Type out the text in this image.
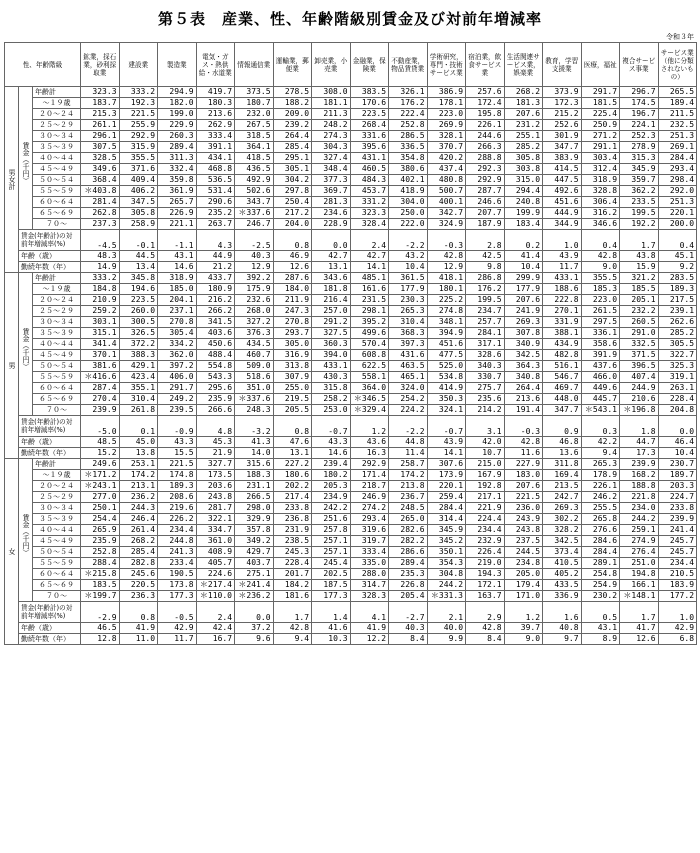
第５表　産業、性、年齢階級別賃金及び対前年増減率
令和３年
性、年齢階級			鉱業，採石業，砂利採取業	建設業	製造業	電気・ガス・熱供給・水道業	情報通信業	運輸業，郵便業	卸売業，小売業	金融業，保険業	不動産業，物品賃貸業	学術研究，専門・技術サービス業	宿泊業，飲食サービス業	生活関連サービス業，娯楽業	教育，学習支援業	医療，福祉	複合サービス事業	サービス業（他に分類されないもの）
男女計		年齢計	323.3	333.2	294.9	419.7	373.5	278.5	308.0	383.5	326.1	386.9	257.6	268.2	373.9	291.7	296.7	265.5
	賃金（千円）	～１９歳	183.7	192.3	182.0	180.3	180.7	188.2	181.1	170.6	176.2	178.1	172.4	181.3	172.3	181.5	174.5	189.4
		２０～２４	215.3	221.5	199.0	213.6	232.0	209.0	211.3	223.5	222.4	223.0	195.8	207.6	215.2	225.4	196.7	211.5
		２５～２９	261.1	255.9	229.9	262.9	267.5	239.2	248.2	268.4	252.8	269.9	226.1	231.2	252.6	250.9	224.1	232.5
		３０～３４	296.1	292.9	260.3	333.4	318.5	264.4	274.3	331.6	286.5	328.1	244.6	255.1	301.9	271.2	252.3	251.3
		３５～３９	307.5	315.9	289.4	391.1	364.1	285.4	304.3	395.6	336.5	370.7	266.3	285.2	347.7	291.1	278.9	269.1
		４０～４４	328.5	355.5	311.3	434.1	418.5	295.1	327.4	431.1	354.8	420.2	288.8	305.8	383.9	303.4	315.3	284.4
		４５～４９	349.6	371.6	332.4	468.8	436.5	305.1	348.4	460.5	380.6	437.4	292.3	303.8	414.5	312.4	345.9	293.4
		５０～５４	368.4	409.4	359.8	536.5	492.9	304.2	377.3	484.3	402.1	480.8	292.9	315.0	447.5	318.9	359.7	298.4
		５５～５９	＊403.8	406.2	361.9	531.4	502.6	297.8	369.7	453.7	418.9	500.7	287.7	294.4	492.6	328.8	362.2	292.0
		６０～６４	281.4	347.5	265.7	290.6	343.7	250.4	281.3	331.2	304.0	400.1	246.6	240.8	451.6	306.4	233.5	251.3
		６５～６９	262.8	305.8	226.9	235.2	＊337.6	217.2	234.6	323.3	250.0	342.7	207.7	199.9	444.9	316.2	199.5	220.1
		７０～	237.3	258.9	221.1	263.7	246.7	204.0	228.9	328.4	222.0	324.9	187.9	183.4	344.9	346.6	192.2	200.0
	賃金(年齢計)の対前年増減率(%)		-4.5	-0.1	-1.1	4.3	-2.5	0.8	0.0	2.4	-2.2	-0.3	2.8	0.2	1.0	0.4	1.7	0.4
	年齢（歳）		48.3	44.5	43.1	44.9	40.3	46.9	42.7	42.7	43.2	42.8	42.5	41.4	43.9	42.8	43.8	45.1
	勤続年数（年）		14.9	13.4	14.6	21.2	12.9	12.6	13.1	14.1	10.4	12.9	9.8	10.4	11.7	9.0	15.9	9.2
男		年齢計	333.2	345.8	318.9	433.7	392.2	287.6	343.6	485.1	361.5	418.1	286.8	299.9	433.1	355.5	321.2	283.5
	賃金（千円）	～１９歳	184.8	194.6	185.0	180.9	175.9	184.0	181.8	161.6	177.9	180.1	176.2	177.9	188.6	185.3	185.5	189.3
		２０～２４	210.9	223.5	204.1	216.2	232.6	211.9	216.4	231.5	230.3	225.2	199.5	207.6	222.8	223.0	205.1	217.5
		２５～２９	259.2	260.0	237.1	266.2	268.0	247.3	257.0	298.1	265.3	274.8	234.7	241.9	270.1	261.5	232.2	239.1
		３０～３４	303.1	300.5	270.8	341.5	327.2	270.8	291.2	395.2	310.4	348.1	257.7	269.3	331.9	297.5	260.5	262.6
		３５～３９	315.1	326.5	305.4	403.6	376.3	293.7	327.5	499.6	368.3	394.9	284.1	307.8	388.1	336.1	291.0	285.2
		４０～４４	341.4	372.2	334.2	450.6	434.5	305.0	360.3	570.4	397.3	451.6	317.1	340.9	434.9	358.6	332.5	305.5
		４５～４９	370.1	388.3	362.0	488.4	460.7	316.9	394.0	608.8	431.6	477.5	328.6	342.5	482.8	391.9	371.5	322.7
		５０～５４	381.6	429.1	397.2	554.8	509.0	313.8	433.1	622.5	463.5	525.0	340.3	364.3	516.1	437.6	396.5	325.3
		５５～５９	＊416.6	423.4	406.0	543.3	518.6	307.9	430.3	558.1	465.1	534.8	330.7	340.8	546.7	466.0	407.4	319.1
		６０～６４	287.4	355.1	291.7	295.6	351.0	255.0	315.8	364.0	324.0	414.9	275.7	264.4	469.7	449.6	244.9	263.1
		６５～６９	270.4	310.4	249.2	235.9	＊337.6	219.5	258.2	＊346.5	254.2	350.3	235.6	213.6	448.0	445.7	210.6	228.4
		７０～	239.9	261.8	239.5	266.6	248.3	205.5	253.0	＊329.4	224.2	324.1	214.2	191.4	347.7	＊543.1	＊196.8	204.8
	賃金(年齢計)の対前年増減率(%)		-5.0	0.1	-0.9	4.8	-3.2	0.8	-0.7	1.2	-2.2	-0.7	3.1	-0.3	0.9	0.3	1.8	0.0
	年齢（歳）		48.5	45.0	43.3	45.3	41.3	47.6	43.3	43.6	44.8	43.9	42.0	42.8	46.8	42.2	44.7	46.4
	勤続年数（年）		15.2	13.8	15.5	21.9	14.0	13.1	14.6	16.3	11.4	14.1	10.7	11.6	13.6	9.4	17.3	10.4
女		年齢計	249.6	253.1	221.5	327.7	315.6	227.2	239.4	292.9	258.7	307.6	215.0	227.9	311.8	265.3	239.9	230.7
	賃金（千円）	～１９歳	＊171.2	174.2	174.8	173.5	188.3	180.6	180.2	171.4	174.2	173.9	167.9	183.0	169.4	178.9	168.2	189.7
		２０～２４	＊243.1	213.1	189.3	203.6	231.1	202.2	205.3	218.7	213.8	220.1	192.8	207.6	213.5	226.1	188.8	203.3
		２５～２９	277.0	236.2	208.6	243.8	266.5	217.4	234.9	246.9	236.7	259.4	217.1	221.5	242.7	246.2	221.8	224.7
		３０～３４	250.1	244.3	219.6	281.7	298.0	233.8	242.2	274.2	248.5	284.4	221.9	236.0	269.3	255.5	234.0	233.8
		３５～３９	254.4	246.4	226.2	322.1	329.9	236.8	251.6	293.4	265.0	314.4	224.4	243.9	302.2	265.8	244.2	239.9
		４０～４４	265.9	261.4	234.4	334.7	357.8	231.9	257.8	319.6	282.6	345.9	234.4	243.8	328.2	276.6	259.1	241.4
		４５～４９	235.9	268.2	244.8	361.0	349.2	238.5	257.1	319.7	282.2	345.2	232.9	237.5	342.5	284.6	274.9	245.7
		５０～５４	252.8	285.4	241.3	408.9	429.7	245.3	257.1	333.4	286.6	350.1	226.4	244.5	373.4	284.4	276.4	245.7
		５５～５９	288.4	282.8	233.4	405.7	403.7	228.4	245.4	335.0	289.4	354.3	219.0	234.8	410.5	289.1	251.0	234.4
		６０～６４	＊215.8	245.6	190.5	224.6	275.1	201.7	202.5	288.0	235.3	304.8	194.3	205.0	405.2	254.8	194.8	210.5
		６５～６９	183.5	220.5	173.8	＊217.4	＊241.4	184.2	187.5	314.7	226.8	244.2	172.1	179.4	433.5	254.9	166.1	183.9
		７０～	＊199.7	236.3	177.3	＊110.0	＊236.2	181.6	177.3	328.3	205.4	＊331.3	163.7	171.0	336.9	230.2	＊148.1	177.2
	賃金(年齢計)の対前年増減率(%)		-2.9	0.8	-0.5	2.4	0.0	1.7	1.4	4.1	-2.7	2.1	2.9	1.2	1.6	0.5	1.7	1.0
	年齢（歳）		46.5	41.9	42.9	42.4	37.2	42.8	41.6	41.9	40.3	40.0	42.8	39.7	40.8	43.1	41.7	42.9
	勤続年数（年）		12.8	11.0	11.7	16.7	9.6	9.4	10.3	12.2	8.4	9.9	8.4	9.0	9.7	8.9	12.6	6.8
